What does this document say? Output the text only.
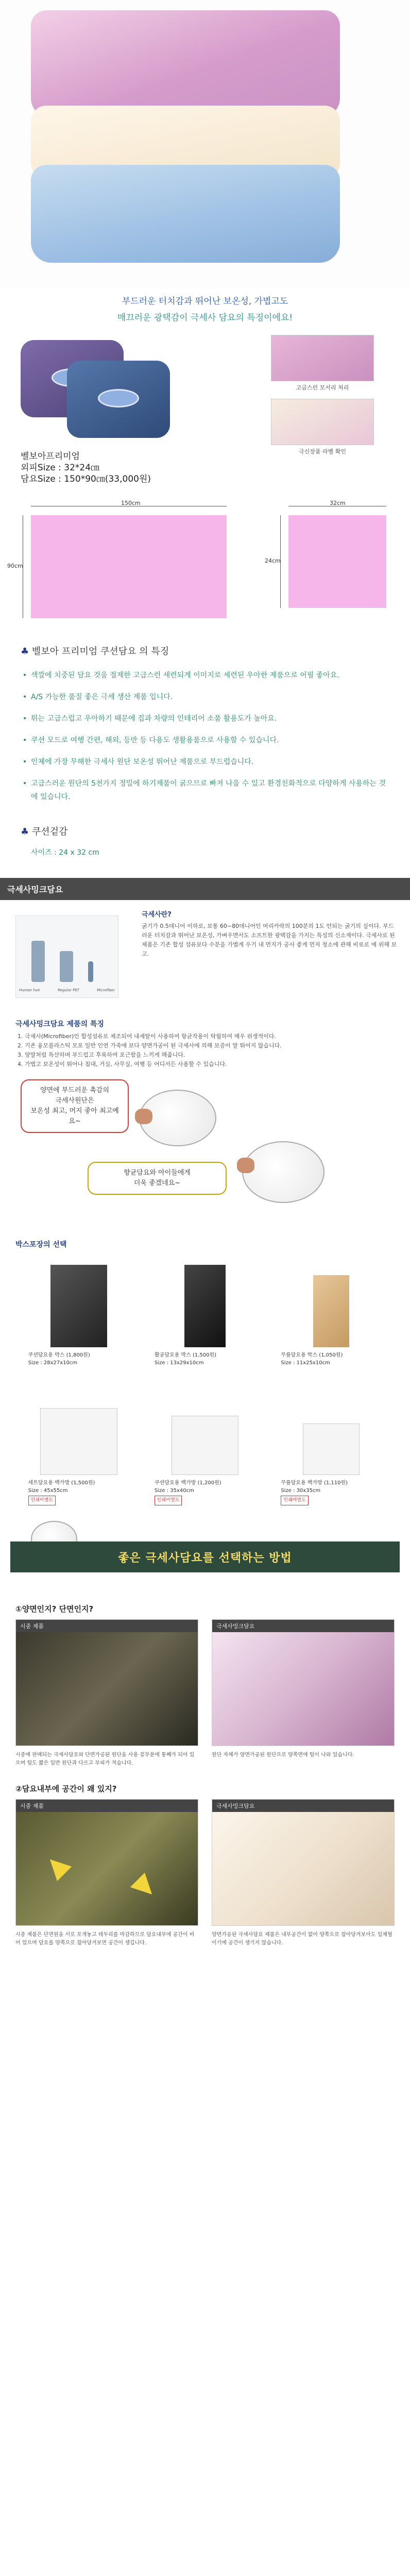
부드러운 터치감과 뛰어난 보온성, 가볍고도
매끄러운 광택감이 극세사 담요의 특징이에요!
고급스런 모서리 처리
극신장품 라벨 확인
벨보아프리미엄
외피Size : 32*24㎝
담요Size : 150*90㎝(33,000원)
150cm
90cm
32cm
24cm
♣ 벨보아 프리미엄 쿠션담요 의 특징
• 색깔에 치중된 담요 것을 절제한 고급스런 세련되게 이미지로 세련된 우아한 제품으로 어필 좋아요.
• A/S 가능한 품질 좋은 극세 생산 제품 입니다.
• 튀는 고급스럽고 우아하기 때문에 집과 차량의 인테리어 소품 활용도가 높아요.
• 쿠션 모드로 여행 간편, 해외, 등반 등 다용도 생활용품으로 사용할 수 있습니다.
• 인체에 가장 무해한 극세사 원단 보온성 뛰어난 제품으로 부드럽습니다.
• 고급스러운 원단의 5천가지 정밀에 하기제품이 굵으므로 빠져 나을 수 있고 환경친화적으로 다양하게 사용하는 것에 있습니다.
♣ 쿠션겉감
사이즈 : 24 x 32 cm
극세사밍크담요
Human hair	Regular PET	Microfiber
극세사란?

굵기가 0.5데니어 이하로, 보통 60~80데니어인 머리카락의 100분의 1도 안되는 굵기의 실이다. 부드러운 터치감과 뛰어난 보온성, 가벼우면서도 소프트한 광택감을 가지는 특성의 신소재이다. 극세사로 된 제품은 기존 합성 섬유보다 수분을 가볍게 우기 내 먼지가 공사 좋게 먼저 청소에 관해 비료로 에 위해 보고.

극세사밍크담요 제품의 특징
1. 극세사(Microfiber)인 합성섬유로 제조되어 내세탈이 사용하여 항균작용이 탁월하여 매우 위생적이다.
2. 기존 융모플라스틱 모포 일반 인연 가죽에 보다 양면가공이 된 극세사에 의해 보증이 말 뛰어지 않습니다.
3. 양말처럼 특산하며 부드럽고 후룩하여 포근함을 느끼게 해줍니다.
4. 가볍고 보온성이 뛰어나 침대, 거실, 사무실, 여행 등 어디서든 사용할 수 있습니다.
양면에 부드러운 촉감의
극세사원단은
보온성 최고, 머지 좋아 최고예요~
향균담요와 아이들에게
더욱 좋겠네요~
박스포장의 선택
쿠션담요용 박스 (1,800원)
Size : 28x27x10cm
활공담요용 박스 (1,500원)
Size : 13x29x10cm
무릎담요용 박스 (1,050원)
Size : 11x25x10cm
세트담요용 백가방 (1,500원)
Size : 45x55cm
인쇄비별도
쿠션담요용 백가방 (1,200원)
Size : 35x40cm
인쇄비별도
무릎담요용 백가방 (1,110원)
Size : 30x35cm
인쇄비별도
좋은 극세사담요를 선택하는 방법
①양면인지? 단면인지?
시중 제품	극세사밍크담요

시중에 판매되는 극세사담요와 단면가공된 원단을 사용 겉부분에 통째가 되어 있으며 털도 짧은 일반 원단과 다르고 부피가 적습니다.

원단 자체가 양면가공된 원단으로 양쪽면에 털이 나와 있습니다.

②담요내부에 공간이 왜 있지?
시중 제품	극세사밍크담요

시중 제품은 단면원을 서로 포개놓고 테두리를 마감하므로 담요내부에 공간이 비어 있으며 담요를 양쪽으로 잡아당겨보면 공간이 생깁니다.

양면가공된 극세사담요 제품은 내부공간이 없어 양쪽으로 잡아당겨보아도 일체형이기에 공간이 생기지 않습니다.
